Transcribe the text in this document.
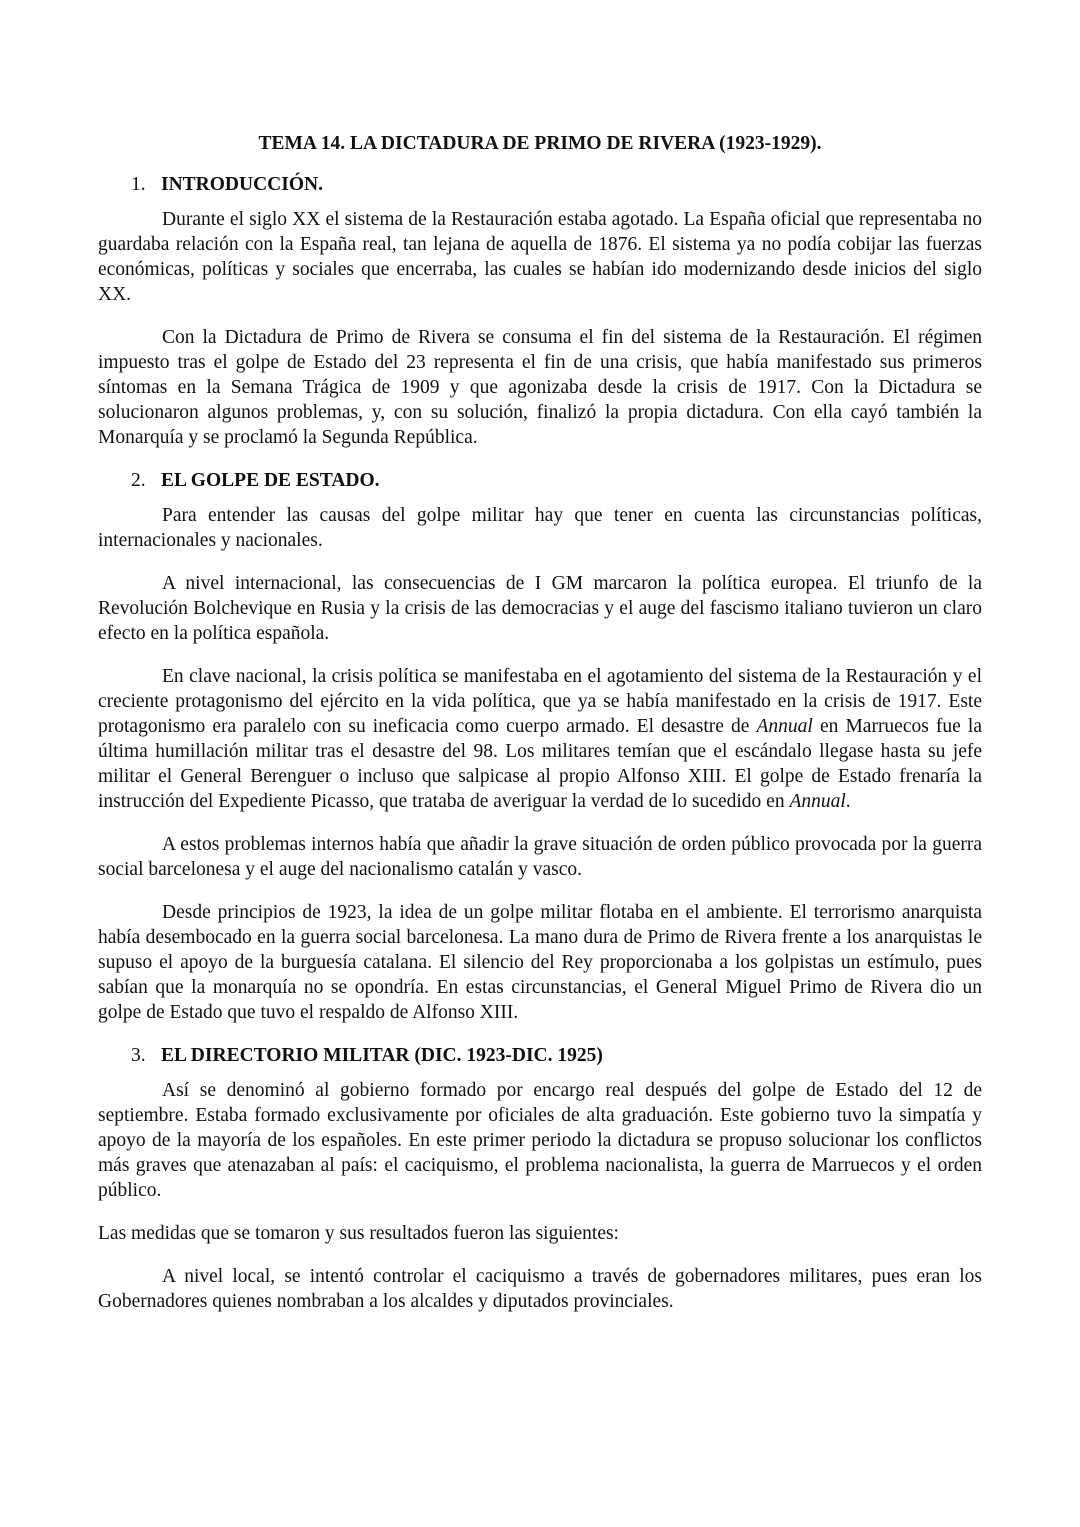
TEMA 14. LA DICTADURA DE PRIMO DE RIVERA (1923-1929).
1. INTRODUCCIÓN.

Durante el siglo XX el sistema de la Restauración estaba agotado. La España oficial que representaba no guardaba relación con la España real, tan lejana de aquella de 1876. El sistema ya no podía cobijar las fuerzas económicas, políticas y sociales que encerraba, las cuales se habían ido modernizando desde inicios del siglo XX.

Con la Dictadura de Primo de Rivera se consuma el fin del sistema de la Restauración. El régimen impuesto tras el golpe de Estado del 23 representa el fin de una crisis, que había manifestado sus primeros síntomas en la Semana Trágica de 1909 y que agonizaba desde la crisis de 1917. Con la Dictadura se solucionaron algunos problemas, y, con su solución, finalizó la propia dictadura. Con ella cayó también la Monarquía y se proclamó la Segunda República.

2. EL GOLPE DE ESTADO.

Para entender las causas del golpe militar hay que tener en cuenta las circunstancias políticas, internacionales y nacionales.

A nivel internacional, las consecuencias de I GM marcaron la política europea. El triunfo de la Revolución Bolchevique en Rusia y la crisis de las democracias y el auge del fascismo italiano tuvieron un claro efecto en la política española.

En clave nacional, la crisis política se manifestaba en el agotamiento del sistema de la Restauración y el creciente protagonismo del ejército en la vida política, que ya se había manifestado en la crisis de 1917. Este protagonismo era paralelo con su ineficacia como cuerpo armado. El desastre de Annual en Marruecos fue la última humillación militar tras el desastre del 98. Los militares temían que el escándalo llegase hasta su jefe militar el General Berenguer o incluso que salpicase al propio Alfonso XIII. El golpe de Estado frenaría la instrucción del Expediente Picasso, que trataba de averiguar la verdad de lo sucedido en Annual.

A estos problemas internos había que añadir la grave situación de orden público provocada por la guerra social barcelonesa y el auge del nacionalismo catalán y vasco.

Desde principios de 1923, la idea de un golpe militar flotaba en el ambiente. El terrorismo anarquista había desembocado en la guerra social barcelonesa. La mano dura de Primo de Rivera frente a los anarquistas le supuso el apoyo de la burguesía catalana. El silencio del Rey proporcionaba a los golpistas un estímulo, pues sabían que la monarquía no se opondría. En estas circunstancias, el General Miguel Primo de Rivera dio un golpe de Estado que tuvo el respaldo de Alfonso XIII.

3. EL DIRECTORIO MILITAR (DIC. 1923-DIC. 1925)

Así se denominó al gobierno formado por encargo real después del golpe de Estado del 12 de septiembre. Estaba formado exclusivamente por oficiales de alta graduación. Este gobierno tuvo la simpatía y apoyo de la mayoría de los españoles. En este primer periodo la dictadura se propuso solucionar los conflictos más graves que atenazaban al país: el caciquismo, el problema nacionalista, la guerra de Marruecos y el orden público.

Las medidas que se tomaron y sus resultados fueron las siguientes:

A nivel local, se intentó controlar el caciquismo a través de gobernadores militares, pues eran los Gobernadores quienes nombraban a los alcaldes y diputados provinciales.
